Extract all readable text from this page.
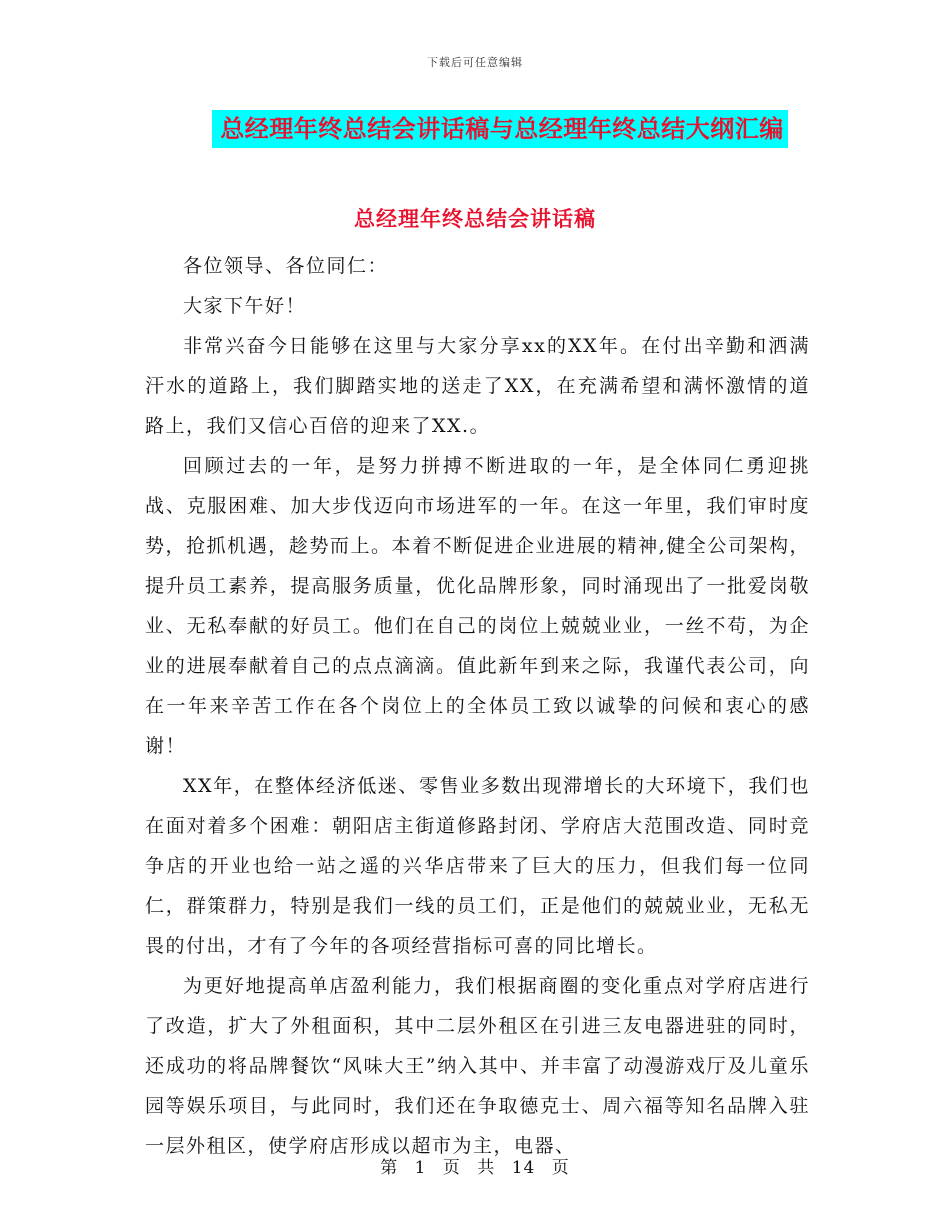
下载后可任意编辑
总经理年终总结会讲话稿与总经理年终总结大纲汇编
总经理年终总结会讲话稿

各位领导、各位同仁：

大家下午好！

非常兴奋今日能够在这里与大家分享xx的XX年。在付出辛勤和洒满汗水的道路上，我们脚踏实地的送走了XX，在充满希望和满怀激情的道路上，我们又信心百倍的迎来了XX.。

回顾过去的一年，是努力拼搏不断进取的一年，是全体同仁勇迎挑战、克服困难、加大步伐迈向市场进军的一年。在这一年里，我们审时度势，抢抓机遇，趁势而上。本着不断促进企业进展的精神,健全公司架构，提升员工素养，提高服务质量，优化品牌形象，同时涌现出了一批爱岗敬业、无私奉献的好员工。他们在自己的岗位上兢兢业业，一丝不苟，为企业的进展奉献着自己的点点滴滴。值此新年到来之际，我谨代表公司，向在一年来辛苦工作在各个岗位上的全体员工致以诚挚的问候和衷心的感谢！

XX年，在整体经济低迷、零售业多数出现滞增长的大环境下，我们也在面对着多个困难：朝阳店主街道修路封闭、学府店大范围改造、同时竞争店的开业也给一站之遥的兴华店带来了巨大的压力，但我们每一位同仁，群策群力，特别是我们一线的员工们，正是他们的兢兢业业，无私无畏的付出，才有了今年的各项经营指标可喜的同比增长。

为更好地提高单店盈利能力，我们根据商圈的变化重点对学府店进行了改造，扩大了外租面积，其中二层外租区在引进三友电器进驻的同时，还成功的将品牌餐饮“风味大王”纳入其中、并丰富了动漫游戏厅及儿童乐园等娱乐项目，与此同时，我们还在争取德克士、周六福等知名品牌入驻一层外租区，使学府店形成以超市为主，电器、

第 1 页 共 14 页
